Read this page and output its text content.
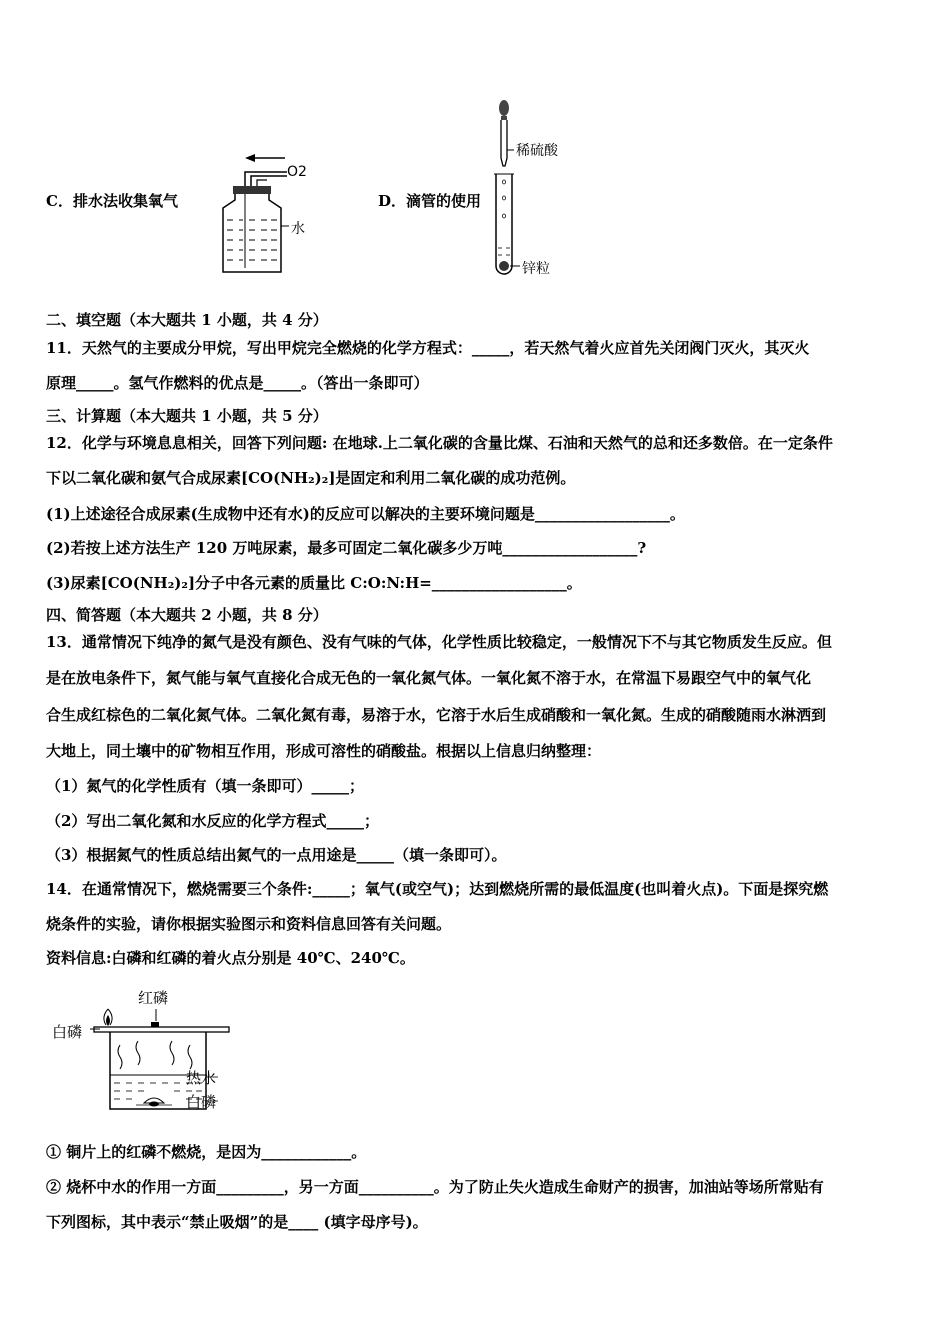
C．排水法收集氧气
O2
水
D．滴管的使用
稀硫酸
锌粒
二、填空题（本大题共 1 小题，共 4 分）
11．天然气的主要成分甲烷，写出甲烷完全燃烧的化学方程式：_____，若天然气着火应首先关闭阀门灭火，其灭火
原理_____。氢气作燃料的优点是_____。（答出一条即可）
三、计算题（本大题共 1 小题，共 5 分）
12．化学与环境息息相关，回答下列问题: 在地球.上二氧化碳的含量比煤、石油和天然气的总和还多数倍。在一定条件
下以二氧化碳和氨气合成尿素[CO(NH₂)₂]是固定和利用二氧化碳的成功范例。
(1)上述途径合成尿素(生成物中还有水)的反应可以解决的主要环境问题是__________________。
(2)若按上述方法生产 120 万吨尿素，最多可固定二氧化碳多少万吨__________________?
(3)尿素[CO(NH₂)₂]分子中各元素的质量比 C:O:N:H=__________________。
四、简答题（本大题共 2 小题，共 8 分）
13．通常情况下纯净的氮气是没有颜色、没有气味的气体，化学性质比较稳定，一般情况下不与其它物质发生反应。但
是在放电条件下，氮气能与氧气直接化合成无色的一氧化氮气体。一氧化氮不溶于水，在常温下易跟空气中的氧气化
合生成红棕色的二氧化氮气体。二氧化氮有毒，易溶于水，它溶于水后生成硝酸和一氧化氮。生成的硝酸随雨水淋洒到
大地上，同土壤中的矿物相互作用，形成可溶性的硝酸盐。根据以上信息归纳整理：
（1）氮气的化学性质有（填一条即可）_____；
（2）写出二氧化氮和水反应的化学方程式_____；
（3）根据氮气的性质总结出氮气的一点用途是_____（填一条即可）。
14．在通常情况下，燃烧需要三个条件:_____；氧气(或空气)；达到燃烧所需的最低温度(也叫着火点)。下面是探究燃
烧条件的实验，请你根据实验图示和资料信息回答有关问题。
资料信息:白磷和红磷的着火点分别是 40℃、240℃。
红磷
白磷
热水
白磷
① 铜片上的红磷不燃烧，是因为____________。
② 烧杯中水的作用一方面_________，另一方面__________。为了防止失火造成生命财产的损害，加油站等场所常贴有
下列图标，其中表示“禁止吸烟”的是____ (填字母序号)。
